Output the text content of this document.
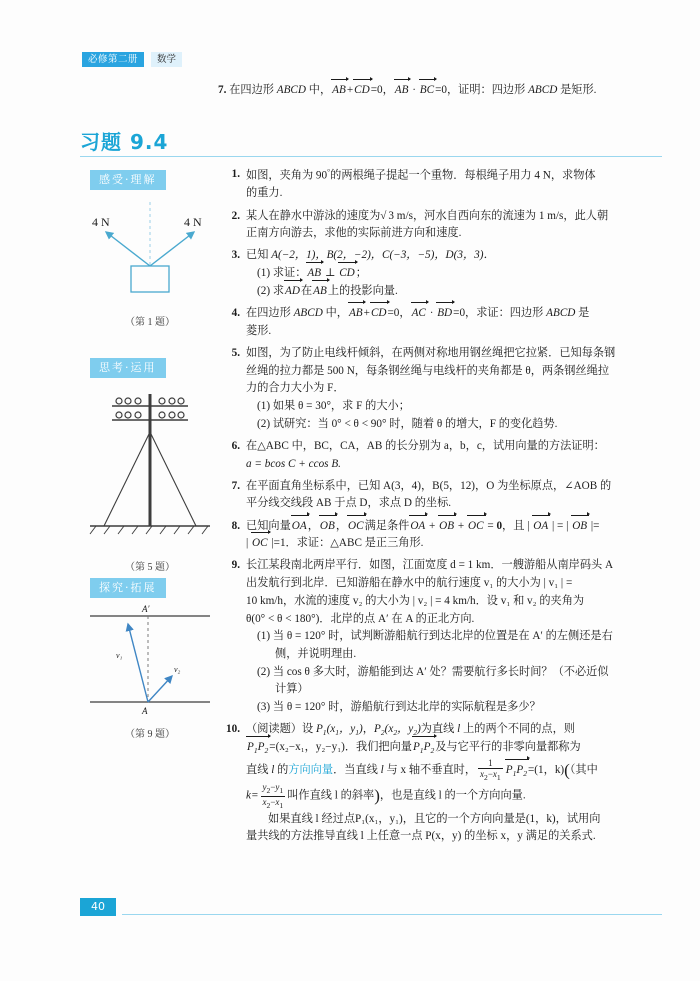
必修第二册	数学
7. 在四边形 ABCD 中，AB+CD=0，AB · BC=0，证明：四边形 ABCD 是矩形.
习题 9.4
感受·理解
思考·运用
探究·拓展
4 N	4 N
（第 1 题）
（第 5 题）
A′
A
v₁
v₂
（第 9 题）
1. 如图，夹角为 90°的两根绳子提起一个重物．每根绳子用力 4 N，求物体
的重力.
2. 某人在静水中游泳的速度为√ 3 m/s，河水自西向东的流速为 1 m/s，此人朝
正南方向游去，求他的实际前进方向和速度.
3. 已知 A(−2，1)，B(2，−2)，C(−3，−5)，D(3，3)．
(1) 求证：AB ⊥ CD；
(2) 求AD在AB上的投影向量.
4. 在四边形 ABCD 中，AB+CD=0，AC · BD=0，求证：四边形 ABCD 是
菱形.
5. 如图，为了防止电线杆倾斜，在两侧对称地用钢丝绳把它拉紧．已知每条钢
丝绳的拉力都是 500 N，每条钢丝绳与电线杆的夹角都是 θ，两条钢丝绳拉
力的合力大小为 F．
(1) 如果 θ = 30°，求 F 的大小；
(2) 试研究：当 0° < θ < 90° 时，随着 θ 的增大，F 的变化趋势.
6. 在△ABC 中，BC，CA，AB 的长分别为 a，b，c，试用向量的方法证明：
a = bcos C + ccos B.
7. 在平面直角坐标系中，已知 A(3，4)，B(5，12)，O 为坐标原点，∠AOB 的
平分线交线段 AB 于点 D，求点 D 的坐标.
8. 已知向量OA，OB，OC满足条件OA + OB + OC = 0，且 | OA | = | OB |=
| OC |=1．求证：△ABC 是正三角形.
9. 长江某段南北两岸平行．如图，江面宽度 d = 1 km．一艘游船从南岸码头 A
出发航行到北岸．已知游船在静水中的航行速度 v₁ 的大小为 | v₁ | =
10 km/h，水流的速度 v₂ 的大小为 | v₂ | = 4 km/h．设 v₁ 和 v₂ 的夹角为
θ(0° < θ < 180°)．北岸的点 A′ 在 A 的正北方向.
(1) 当 θ = 120° 时，试判断游船航行到达北岸的位置是在 A′ 的左侧还是右
侧，并说明理由.
(2) 当 cos θ 多大时，游船能到达 A′ 处？需要航行多长时间？（不必近似
计算）
(3) 当 θ = 120° 时，游船航行到达北岸的实际航程是多少？
10. （阅读题）设 $P_1(x_1$，$y_1$)，$P_2(x_2$，$y_2$)为直线 l 上的两个不同的点，则
$P_1P_2=(x_2-x_1$，y₂−y₁)．我们把向量$P_1P_2$及与它平行的非零向量都称为
直线 l 的方向向量．当直线 l 与 x 轴不垂直时， $\frac{1}{x_2-x_1} P_1P_2=(1$，k)(（其中
$k= \frac{y_2-y_1}{x_2-x_1}$ 叫作直线 l 的斜率)，也是直线 l 的一个方向向量.
如果直线 l 经过点P₁(x₁，y₁)，且它的一个方向向量是(1，k)，试用向
量共线的方法推导直线 l 上任意一点 P(x，y) 的坐标 x，y 满足的关系式.
40
